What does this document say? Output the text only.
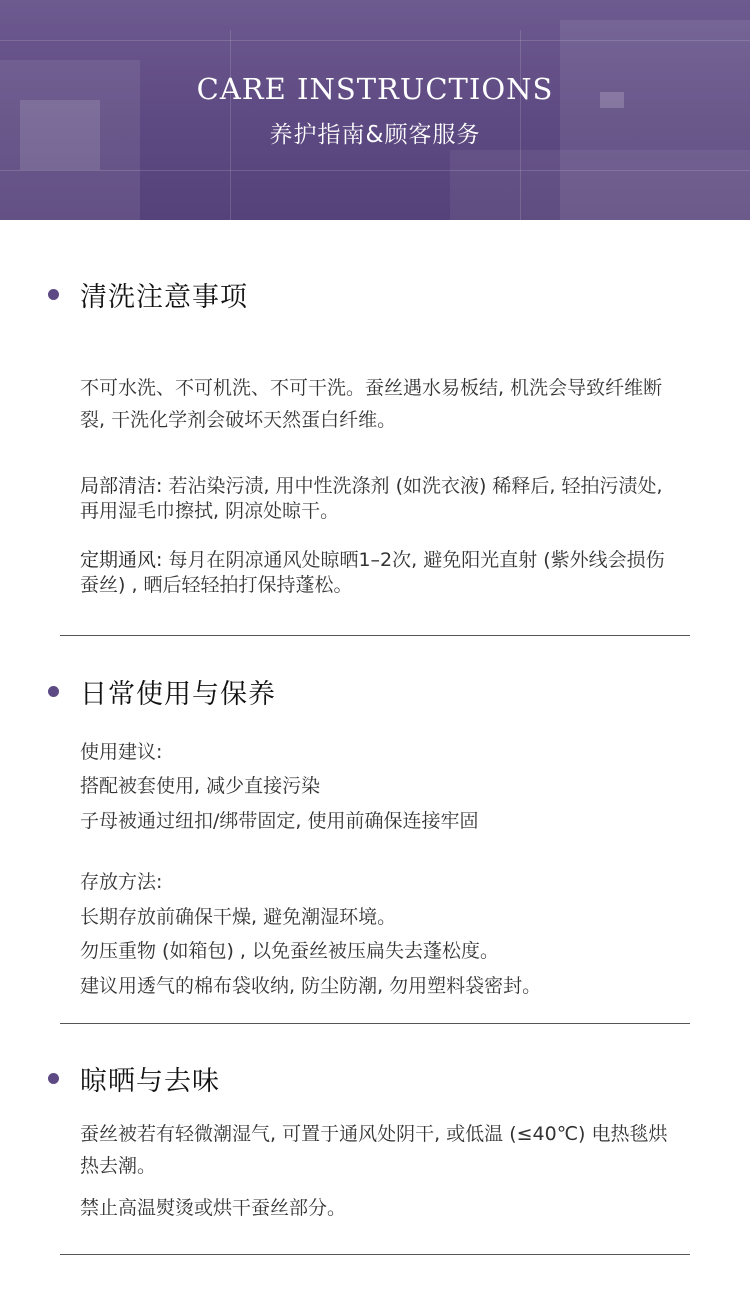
CARE INSTRUCTIONS
养护指南&顾客服务
清洗注意事项

不可水洗、不可机洗、不可干洗。蚕丝遇水易板结, 机洗会导致纤维断裂, 干洗化学剂会破坏天然蛋白纤维。

局部清洁: 若沾染污渍, 用中性洗涤剂 (如洗衣液) 稀释后, 轻拍污渍处, 再用湿毛巾擦拭, 阴凉处晾干。

定期通风: 每月在阴凉通风处晾晒1–2次, 避免阳光直射 (紫外线会损伤蚕丝) , 晒后轻轻拍打保持蓬松。

日常使用与保养
使用建议:
搭配被套使用, 减少直接污染
子母被通过纽扣/绑带固定, 使用前确保连接牢固
存放方法:
长期存放前确保干燥, 避免潮湿环境。
勿压重物 (如箱包) , 以免蚕丝被压扁失去蓬松度。
建议用透气的棉布袋收纳, 防尘防潮, 勿用塑料袋密封。
晾晒与去味

蚕丝被若有轻微潮湿气, 可置于通风处阴干, 或低温 (≤40℃) 电热毯烘热去潮。

禁止高温熨烫或烘干蚕丝部分。
